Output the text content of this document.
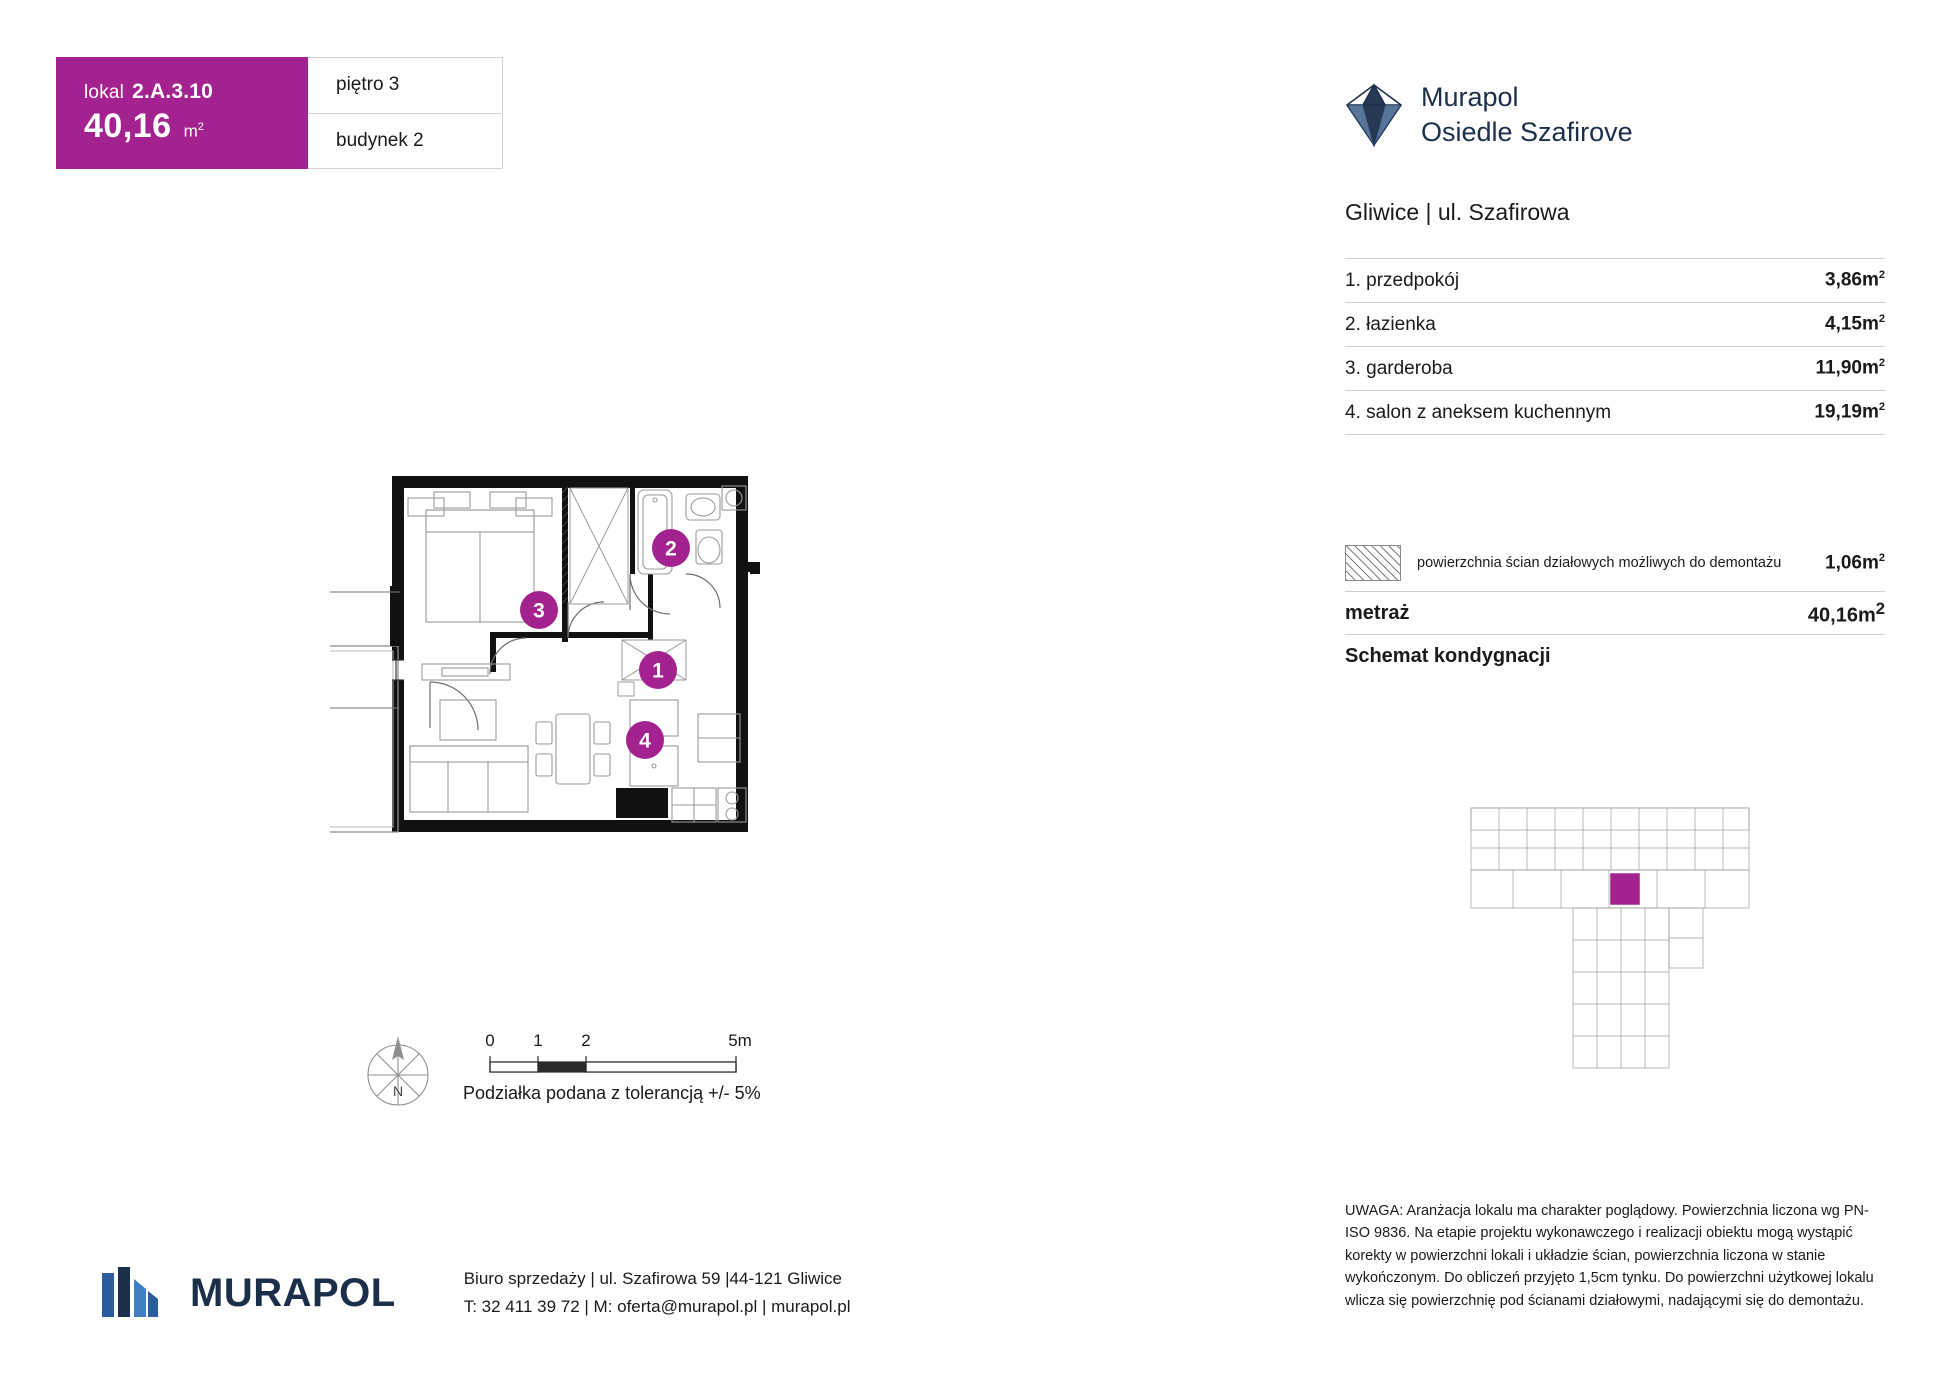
lokal 2.A.3.10
40,16 $m^2$
piętro 3
budynek 2
Murapol
Osiedle Szafirove
Gliwice | ul. Szafirowa
1. przedpokój	$3,86m^2$
2. łazienka	$4,15m^2$
3. garderoba	$11,90m^2$
4. salon z aneksem kuchennym	$19,19m^2$
powierzchnia ścian działowych możliwych do demontażu	$1,06m^2$
metraż	$40,16m^2$
Schemat kondygnacji
UWAGA: Aranżacja lokalu ma charakter poglądowy. Powierzchnia liczona wg PN-ISO 9836. Na etapie projektu wykonawczego i realizacji obiektu mogą wystąpić korekty w powierzchni lokali i układzie ścian, powierzchnia liczona w stanie wykończonym. Do obliczeń przyjęto 1,5cm tynku. Do powierzchni użytkowej lokalu wlicza się powierzchnię pod ścianami działowymi, nadającymi się do demontażu.
2
3
1
4
N
0 1 2	5m
Podziałka podana z tolerancją +/- 5%
MURAPOL	Biuro sprzedaży | ul. Szafirowa 59 |44-121 Gliwice
T: 32 411 39 72 | M: oferta@murapol.pl | murapol.pl
